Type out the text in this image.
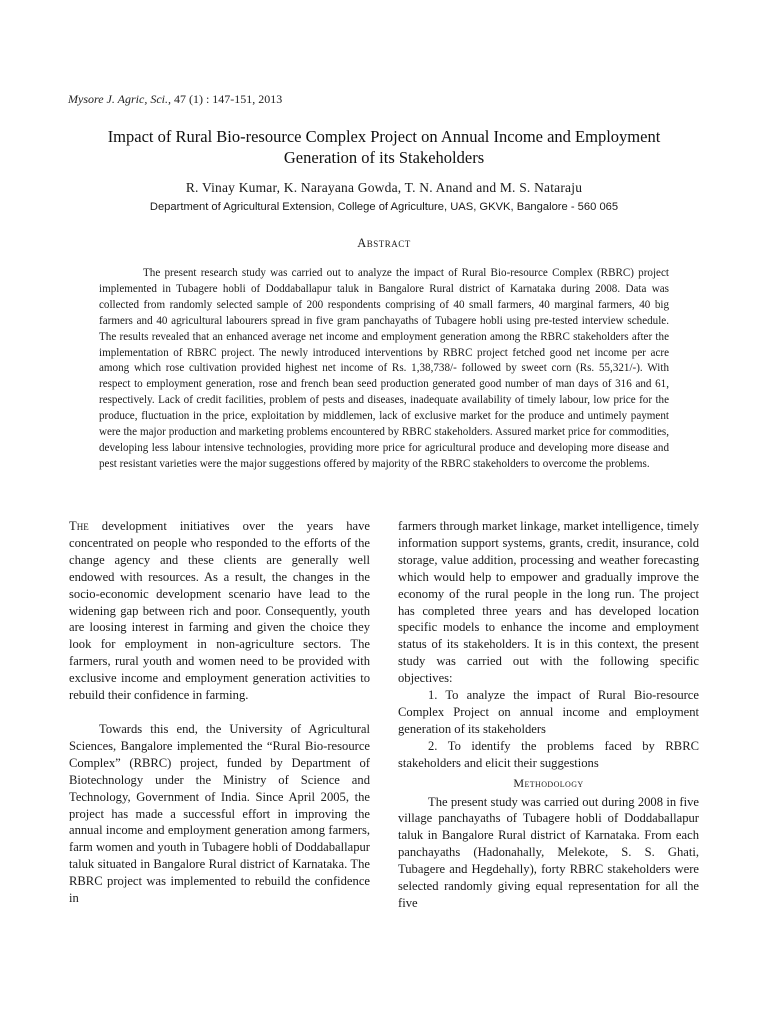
Mysore J. Agric, Sci., 47 (1) : 147-151, 2013
Impact of Rural Bio-resource Complex Project on Annual Income and Employment
Generation of its Stakeholders
R. Vinay Kumar, K. Narayana Gowda, T. N. Anand and M. S. Nataraju
Department of Agricultural Extension, College of Agriculture, UAS, GKVK, Bangalore - 560 065
Abstract

The present research study was carried out to analyze the impact of Rural Bio-resource Complex (RBRC) project implemented in Tubagere hobli of Doddaballapur taluk in Bangalore Rural district of Karnataka during 2008. Data was collected from randomly selected sample of 200 respondents comprising of 40 small farmers, 40 marginal farmers, 40 big farmers and 40 agricultural labourers spread in five gram panchayaths of Tubagere hobli using pre-tested interview schedule. The results revealed that an enhanced average net income and employment generation among the RBRC stakeholders after the implementation of RBRC project. The newly introduced interventions by RBRC project fetched good net income per acre among which rose cultivation provided highest net income of Rs. 1,38,738/- followed by sweet corn (Rs. 55,321/-). With respect to employment generation, rose and french bean seed production generated good number of man days of 316 and 61, respectively. Lack of credit facilities, problem of pests and diseases, inadequate availability of timely labour, low price for the produce, fluctuation in the price, exploitation by middlemen, lack of exclusive market for the produce and untimely payment were the major production and marketing problems encountered by RBRC stakeholders. Assured market price for commodities, developing less labour intensive technologies, providing more price for agricultural produce and developing more disease and pest resistant varieties were the major suggestions offered by majority of the RBRC stakeholders to overcome the problems.

The development initiatives over the years have concentrated on people who responded to the efforts of the change agency and these clients are generally well endowed with resources. As a result, the changes in the socio-economic development scenario have lead to the widening gap between rich and poor. Consequently, youth are loosing interest in farming and given the choice they look for employment in non-agriculture sectors. The farmers, rural youth and women need to be provided with exclusive income and employment generation activities to rebuild their confidence in farming.

Towards this end, the University of Agricultural Sciences, Bangalore implemented the “Rural Bio-resource Complex” (RBRC) project, funded by Department of Biotechnology under the Ministry of Science and Technology, Government of India. Since April 2005, the project has made a successful effort in improving the annual income and employment generation among farmers, farm women and youth in Tubagere hobli of Doddaballapur taluk situated in Bangalore Rural district of Karnataka. The RBRC project was implemented to rebuild the confidence in

farmers through market linkage, market intelligence, timely information support systems, grants, credit, insurance, cold storage, value addition, processing and weather forecasting which would help to empower and gradually improve the economy of the rural people in the long run. The project has completed three years and has developed location specific models to enhance the income and employment status of its stakeholders. It is in this context, the present study was carried out with the following specific objectives:

1. To analyze the impact of Rural Bio-resource Complex Project on annual income and employment generation of its stakeholders

2. To identify the problems faced by RBRC stakeholders and elicit their suggestions

Methodology

The present study was carried out during 2008 in five village panchayaths of Tubagere hobli of Doddaballapur taluk in Bangalore Rural district of Karnataka. From each panchayaths (Hadonahally, Melekote, S. S. Ghati, Tubagere and Hegdehally), forty RBRC stakeholders were selected randomly giving equal representation for all the five
